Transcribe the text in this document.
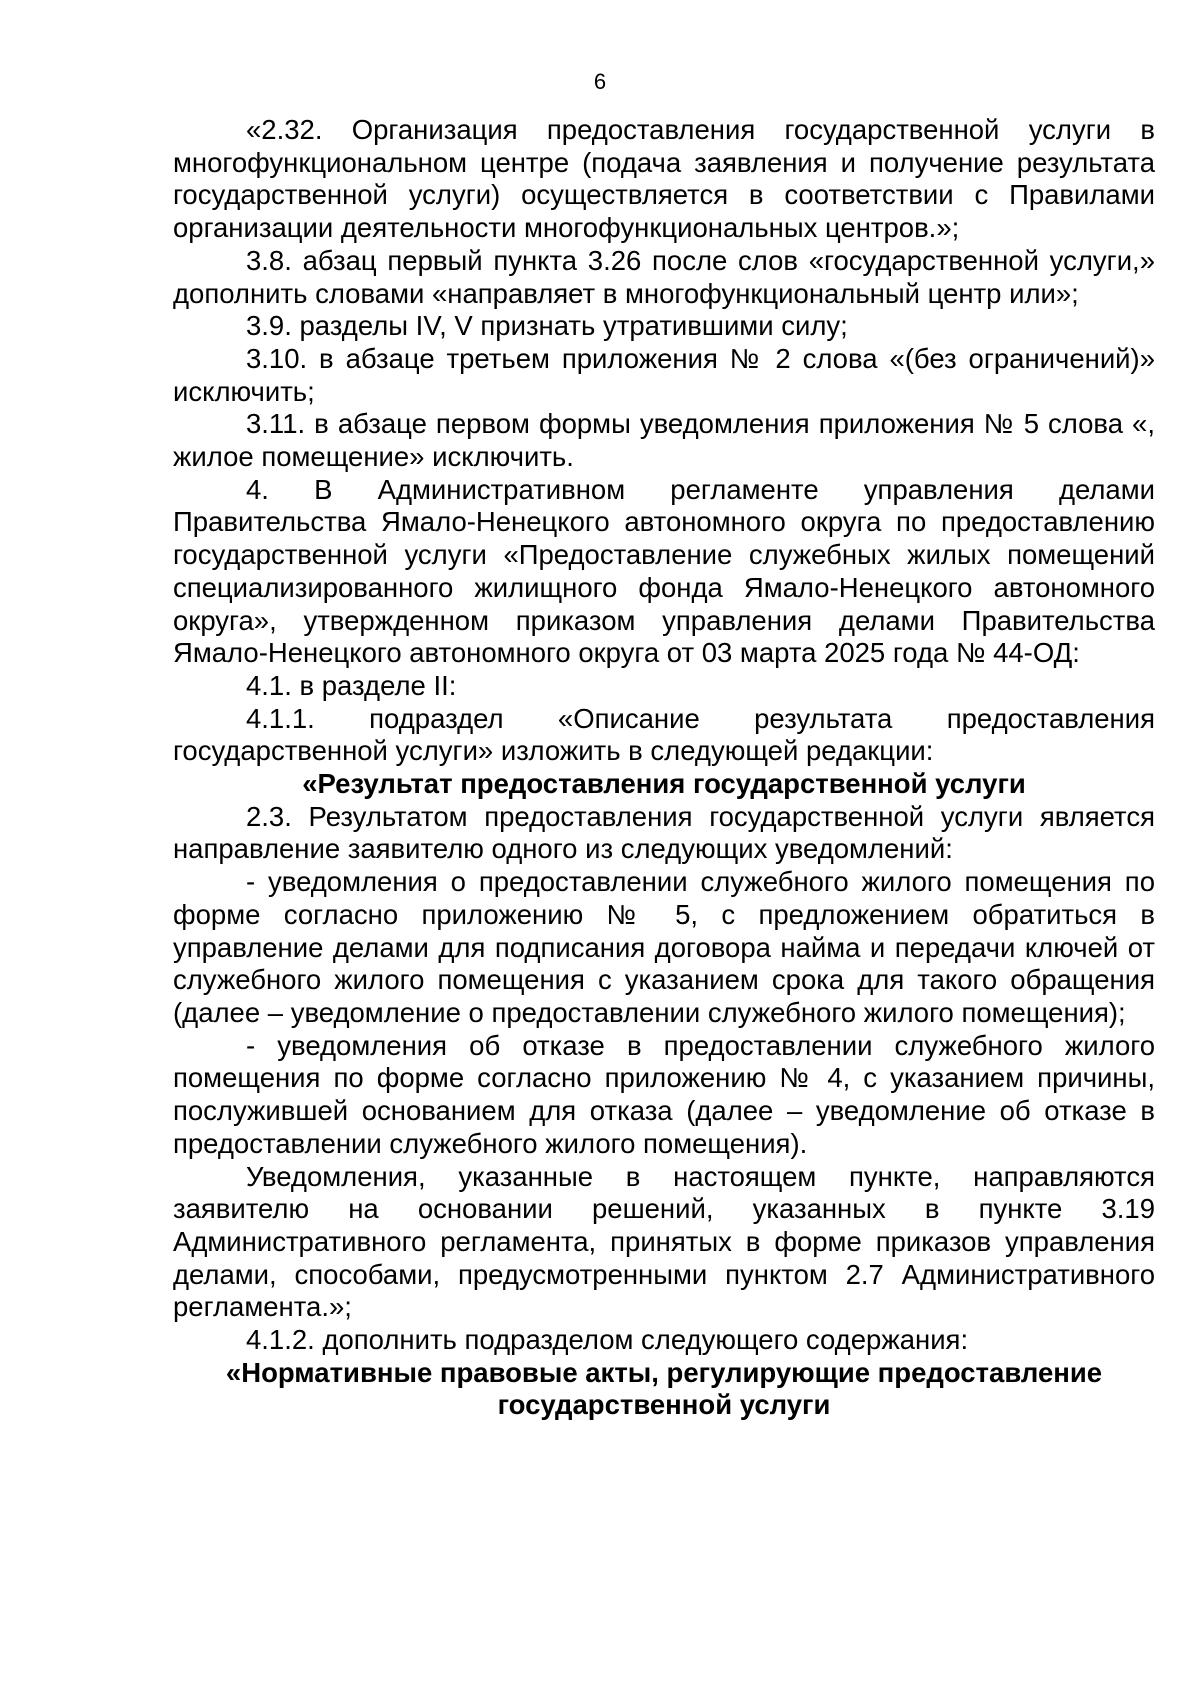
6

«2.32. Организация предоставления государственной услуги в многофункциональном центре (подача заявления и получение результата государственной услуги) осуществляется в соответствии с Правилами организации деятельности многофункциональных центров.»;

3.8. абзац первый пункта 3.26 после слов «государственной услуги,» дополнить словами «направляет в многофункциональный центр или»;

3.9. разделы IV, V признать утратившими силу;

3.10. в абзаце третьем приложения № 2 слова «(без ограничений)» исключить;

3.11. в абзаце первом формы уведомления приложения № 5 слова «, жилое помещение» исключить.

4. В Административном регламенте управления делами Правительства Ямало-Ненецкого автономного округа по предоставлению государственной услуги «Предоставление служебных жилых помещений специализированного жилищного фонда Ямало-Ненецкого автономного округа», утвержденном приказом управления делами Правительства Ямало-Ненецкого автономного округа от 03 марта 2025 года № 44-ОД:

4.1. в разделе II:

4.1.1. подраздел «Описание результата предоставления государственной услуги» изложить в следующей редакции:

«Результат предоставления государственной услуги

2.3. Результатом предоставления государственной услуги является направление заявителю одного из следующих уведомлений:

- уведомления о предоставлении служебного жилого помещения по форме согласно приложению № 5, с предложением обратиться в управление делами для подписания договора найма и передачи ключей от служебного жилого помещения с указанием срока для такого обращения (далее – уведомление о предоставлении служебного жилого помещения);

- уведомления об отказе в предоставлении служебного жилого помещения по форме согласно приложению № 4, с указанием причины, послужившей основанием для отказа (далее – уведомление об отказе в предоставлении служебного жилого помещения).

Уведомления, указанные в настоящем пункте, направляются заявителю на основании решений, указанных в пункте 3.19 Административного регламента, принятых в форме приказов управления делами, способами, предусмотренными пунктом 2.7 Административного регламента.»;

4.1.2. дополнить подразделом следующего содержания:

«Нормативные правовые акты, регулирующие предоставление
государственной услуги
